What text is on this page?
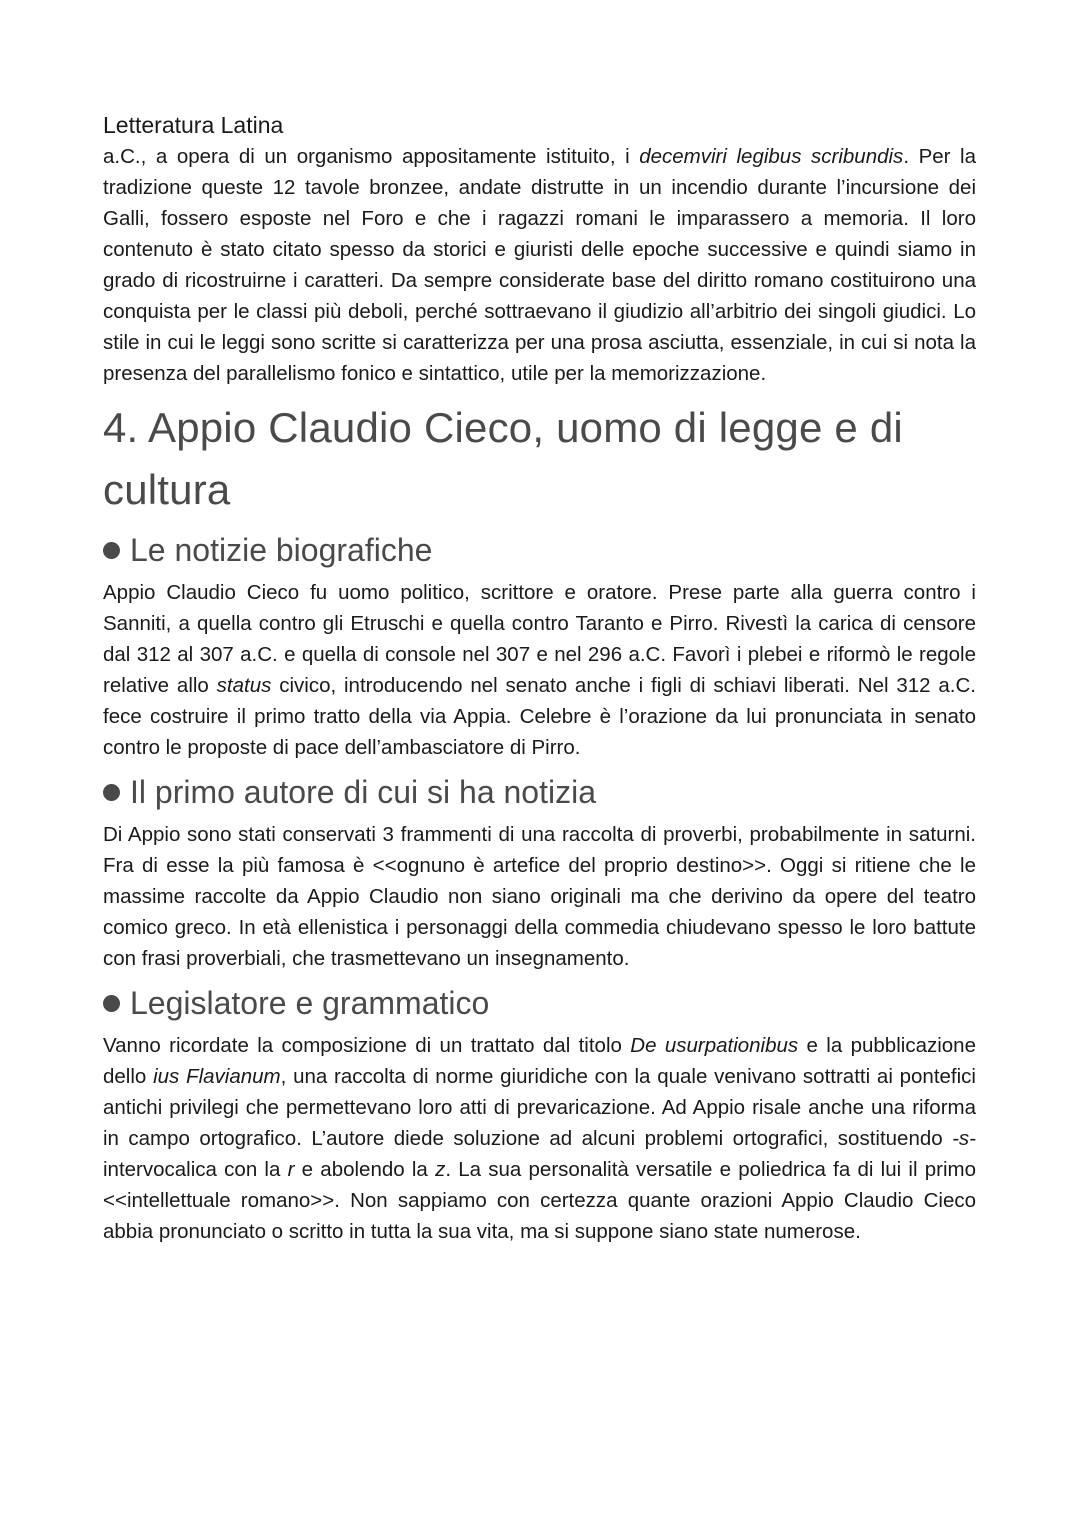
Letteratura Latina

a.C., a opera di un organismo appositamente istituito, i decemviri legibus scribundis. Per la tradizione queste 12 tavole bronzee, andate distrutte in un incendio durante l’incursione dei Galli, fossero esposte nel Foro e che i ragazzi romani le imparassero a memoria. Il loro contenuto è stato citato spesso da storici e giuristi delle epoche successive e quindi siamo in grado di ricostruirne i caratteri. Da sempre considerate base del diritto romano costituirono una conquista per le classi più deboli, perché sottraevano il giudizio all’arbitrio dei singoli giudici. Lo stile in cui le leggi sono scritte si caratterizza per una prosa asciutta, essenziale, in cui si nota la presenza del parallelismo fonico e sintattico, utile per la memorizzazione.

4. Appio Claudio Cieco, uomo di legge e di cultura
Le notizie biografiche

Appio Claudio Cieco fu uomo politico, scrittore e oratore. Prese parte alla guerra contro i Sanniti, a quella contro gli Etruschi e quella contro Taranto e Pirro. Rivestì la carica di censore dal 312 al 307 a.C. e quella di console nel 307 e nel 296 a.C. Favorì i plebei e riformò le regole relative allo status civico, introducendo nel senato anche i figli di schiavi liberati. Nel 312 a.C. fece costruire il primo tratto della via Appia. Celebre è l’orazione da lui pronunciata in senato contro le proposte di pace dell’ambasciatore di Pirro.

Il primo autore di cui si ha notizia

Di Appio sono stati conservati 3 frammenti di una raccolta di proverbi, probabilmente in saturni. Fra di esse la più famosa è <<ognuno è artefice del proprio destino>>. Oggi si ritiene che le massime raccolte da Appio Claudio non siano originali ma che derivino da opere del teatro comico greco. In età ellenistica i personaggi della commedia chiudevano spesso le loro battute con frasi proverbiali, che trasmettevano un insegnamento.

Legislatore e grammatico

Vanno ricordate la composizione di un trattato dal titolo De usurpationibus e la pubblicazione dello ius Flavianum, una raccolta di norme giuridiche con la quale venivano sottratti ai pontefici antichi privilegi che permettevano loro atti di prevaricazione. Ad Appio risale anche una riforma in campo ortografico. L’autore diede soluzione ad alcuni problemi ortografici, sostituendo -s- intervocalica con la r e abolendo la z. La sua personalità versatile e poliedrica fa di lui il primo <<intellettuale romano>>. Non sappiamo con certezza quante orazioni Appio Claudio Cieco abbia pronunciato o scritto in tutta la sua vita, ma si suppone siano state numerose.
